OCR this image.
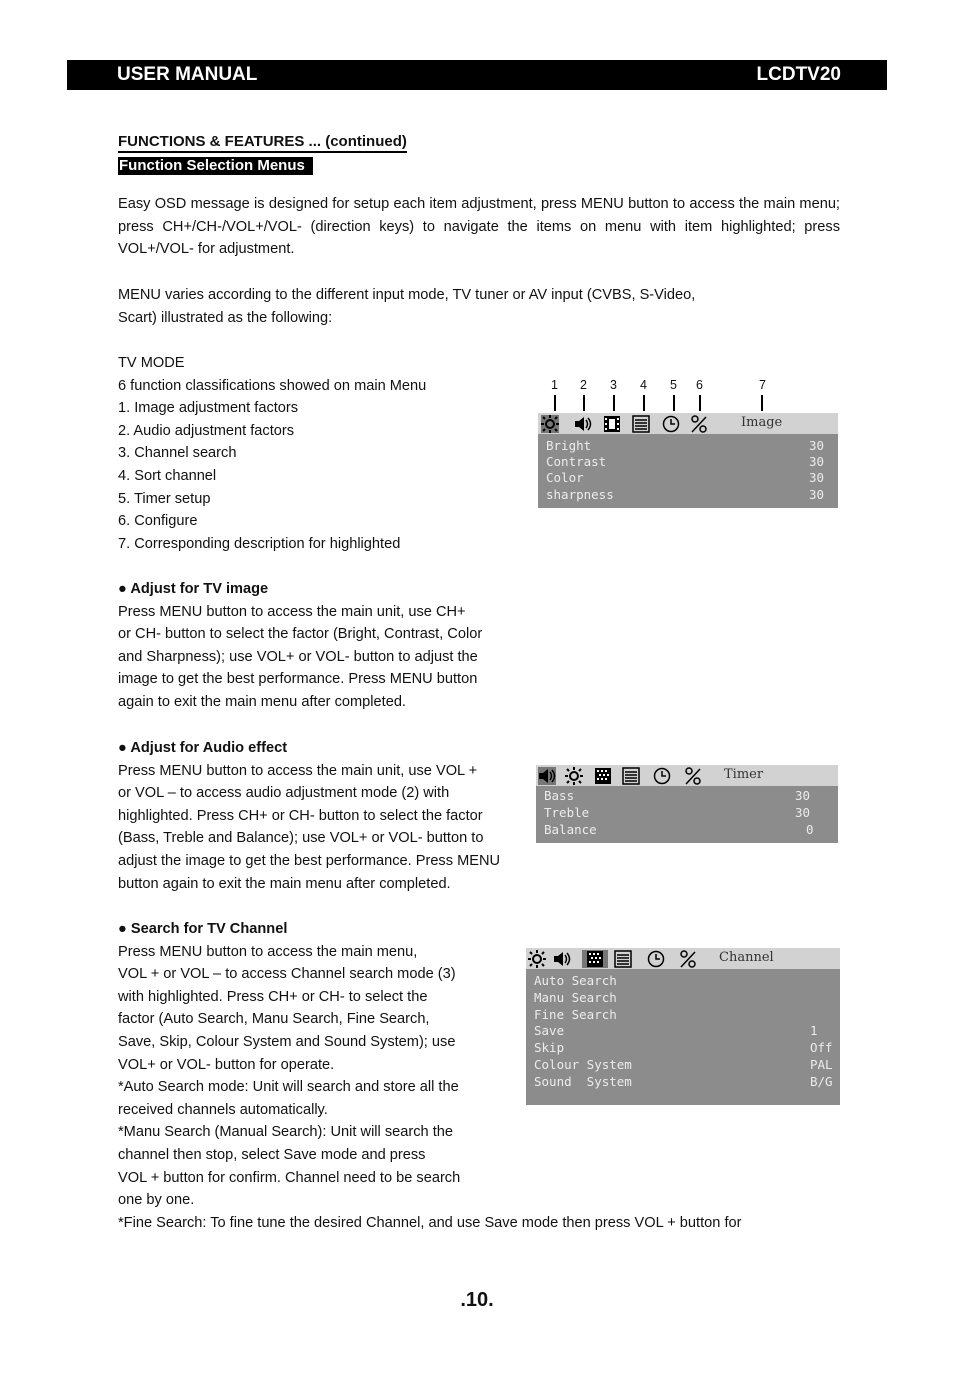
USER MANUAL	LCDTV20
FUNCTIONS & FEATURES ... (continued)
Function Selection Menus
Easy OSD message is designed for setup each item adjustment, press MENU button to access the main menu; press CH+/CH-/VOL+/VOL- (direction keys) to navigate the items on menu with item highlighted; press VOL+/VOL- for adjustment.
MENU varies according to the different input mode, TV tuner or AV input (CVBS, S-Video,
Scart) illustrated as the following:
TV MODE
6 function classifications showed on main Menu
1. Image adjustment factors
2. Audio adjustment factors
3. Channel search
4. Sort channel
5. Timer setup
6. Configure
7. Corresponding description for highlighted
1 2 3 4 5 6	7
Image
Bright	30
Contrast	30
Color	30
sharpness	30
● Adjust for TV image
Press MENU button to access the main unit, use CH+
or CH- button to select the factor (Bright, Contrast, Color
and Sharpness); use VOL+ or VOL- button to adjust the
image to get the best performance. Press MENU button
again to exit the main menu after completed.
Timer
Bass	30
Treble	30
Balance	0
● Adjust for Audio effect
Press MENU button to access the main unit, use VOL +
or VOL – to access audio adjustment mode (2) with
highlighted. Press CH+ or CH- button to select the factor
(Bass, Treble and Balance); use VOL+ or VOL- button to
adjust the image to get the best performance. Press MENU
button again to exit the main menu after completed.
Channel
Auto Search
Manu Search
Fine Search
Save	1
Skip	Off
Colour System	PAL
Sound  System	B/G
● Search for TV Channel
Press MENU button to access the main menu,
VOL + or VOL – to access Channel search mode (3)
with highlighted. Press CH+ or CH- to select the
factor (Auto Search, Manu Search, Fine Search,
Save, Skip, Colour System and Sound System); use
VOL+ or VOL- button for operate.
*Auto Search mode: Unit will search and store all the
received channels automatically.
*Manu Search (Manual Search): Unit will search the
channel then stop, select Save mode and press
VOL + button for confirm. Channel need to be search
one by one.
*Fine Search: To fine tune the desired Channel, and use Save mode then press VOL + button for
.10.
